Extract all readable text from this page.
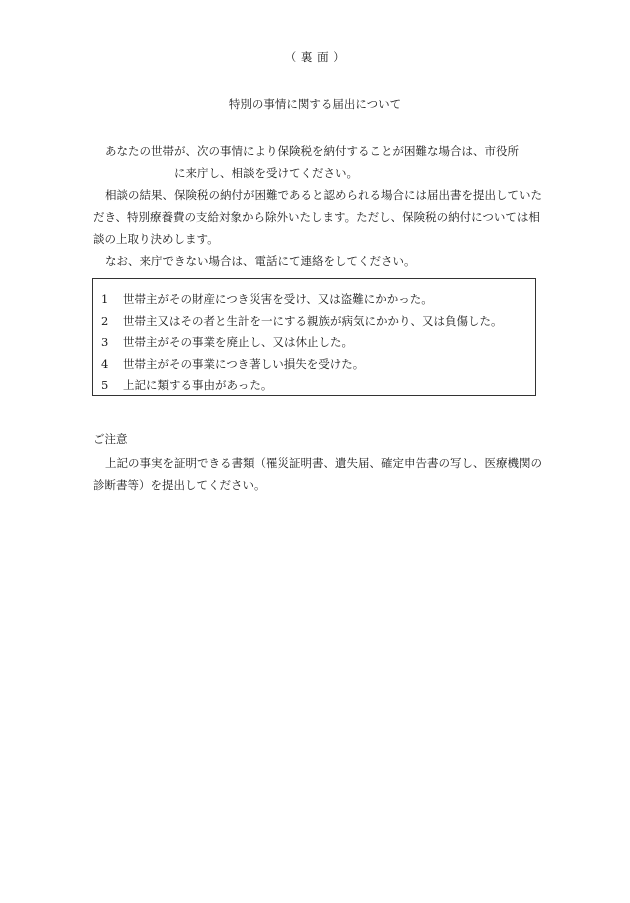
（ 裏 面 ）
特別の事情に関する届出について
あなたの世帯が、次の事情により保険税を納付することが困難な場合は、市役所
に来庁し、相談を受けてください。
相談の結果、保険税の納付が困難であると認められる場合には届出書を提出していた
だき、特別療養費の支給対象から除外いたします。ただし、保険税の納付については相
談の上取り決めします。
なお、来庁できない場合は、電話にて連絡をしてください。
1	世帯主がその財産につき災害を受け、又は盗難にかかった。
2	世帯主又はその者と生計を一にする親族が病気にかかり、又は負傷した。
3	世帯主がその事業を廃止し、又は休止した。
4	世帯主がその事業につき著しい損失を受けた。
5	上記に類する事由があった。
ご注意
上記の事実を証明できる書類（罹災証明書、遺失届、確定申告書の写し、医療機関の
診断書等）を提出してください。
